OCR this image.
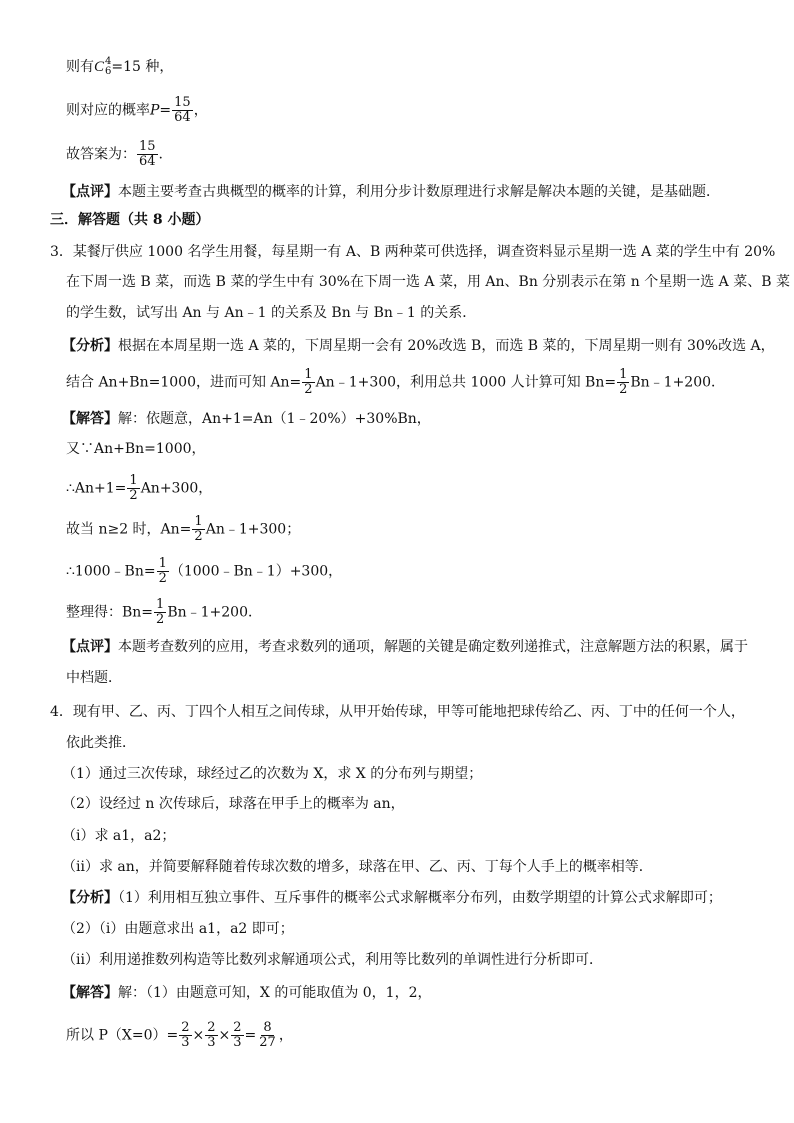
则有 C 4
6 =15 种，
则对应的概率$P= \frac{15}{64}$ ，
故答案为： $\frac{15}{64}$ .
【点评】本题主要考查古典概型的概率的计算，利用分步计数原理进行求解是解决本题的关键，是基础题．
三．解答题（共 8 小题）
3．某餐厅供应 1000 名学生用餐，每星期一有 A、B 两种菜可供选择，调查资料显示星期一选 A 菜的学生中有 20%
在下周一选 B 菜，而选 B 菜的学生中有 30%在下周一选 A 菜，用 An、Bn 分别表示在第 n 个星期一选 A 菜、B 菜
的学生数，试写出 An 与 An﹣1 的关系及 Bn 与 Bn﹣1 的关系．
【分析】根据在本周星期一选 A 菜的，下周星期一会有 20%改选 B，而选 B 菜的，下周星期一则有 30%改选 A，
结合 An+Bn=1000，进而可知 $An= \frac{1}{2}$ An﹣1+300，利用总共 1000 人计算可知 $Bn= \frac{1}{2}$ Bn﹣1+200．
【解答】解：依题意，An+1=An（1﹣20%）+30%Bn，
又∵An+Bn=1000，
∴An+1= $\frac{1}{2} An+300$，
故当 n≥2 时，$An= \frac{1}{2}$ An﹣1+300；
∴1000﹣Bn= $\frac{1}{2}$ （1000﹣Bn﹣1）+300，
整理得：$Bn= \frac{1}{2}$ Bn﹣1+200．
【点评】本题考查数列的应用，考查求数列的通项，解题的关键是确定数列递推式，注意解题方法的积累，属于
中档题．
4．现有甲、乙、丙、丁四个人相互之间传球，从甲开始传球，甲等可能地把球传给乙、丙、丁中的任何一个人，
依此类推．
（1）通过三次传球，球经过乙的次数为 X，求 X 的分布列与期望；
（2）设经过 n 次传球后，球落在甲手上的概率为 an，
（ⅰ）求 a1，a2；
（ⅱ）求 an，并简要解释随着传球次数的增多，球落在甲、乙、丙、丁每个人手上的概率相等．
【分析】（1）利用相互独立事件、互斥事件的概率公式求解概率分布列，由数学期望的计算公式求解即可；
（2）（i）由题意求出 a1，a2 即可；
（ii）利用递推数列构造等比数列求解通项公式，利用等比数列的单调性进行分析即可．
【解答】解：（1）由题意可知，X 的可能取值为 0，1，2，
所以 $P(X=0)= \frac{2}{3} \times \frac{2}{3} \times \frac{2}{3} = \frac{8}{27}$ ，
